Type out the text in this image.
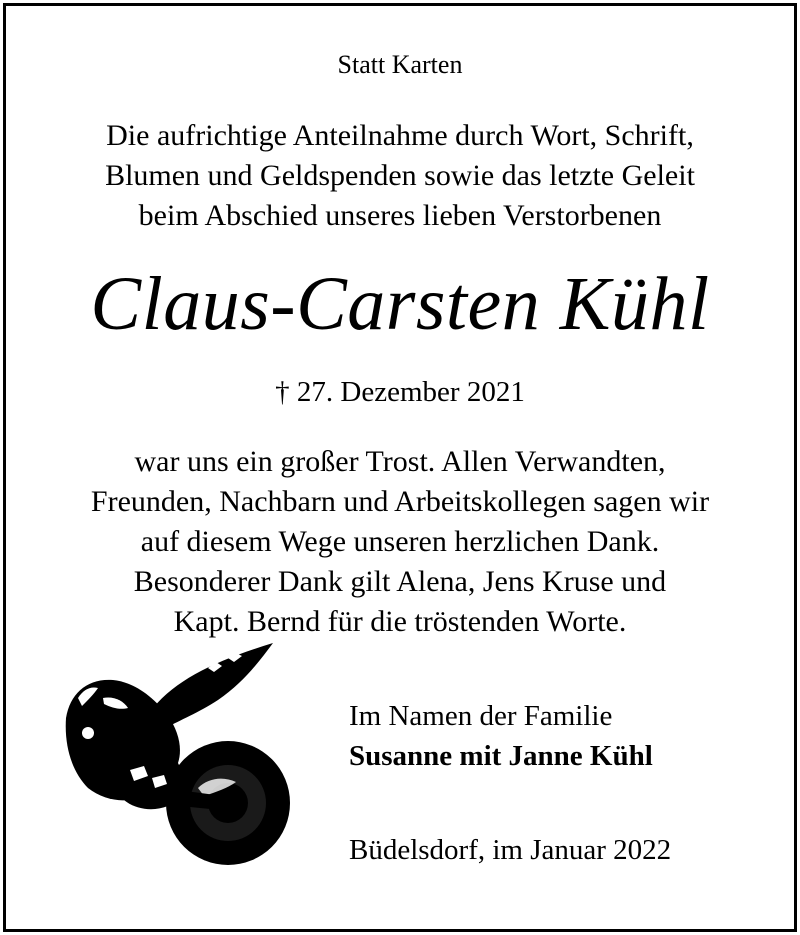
Statt Karten
Die aufrichtige Anteilnahme durch Wort, Schrift,
Blumen und Geldspenden sowie das letzte Geleit
beim Abschied unseres lieben Verstorbenen
Claus-Carsten Kühl
† 27. Dezember 2021
war uns ein großer Trost. Allen Verwandten,
Freunden, Nachbarn und Arbeitskollegen sagen wir
auf diesem Wege unseren herzlichen Dank.
Besonderer Dank gilt Alena, Jens Kruse und
Kapt. Bernd für die tröstenden Worte.
Im Namen der Familie
Susanne mit Janne Kühl
Büdelsdorf, im Januar 2022
